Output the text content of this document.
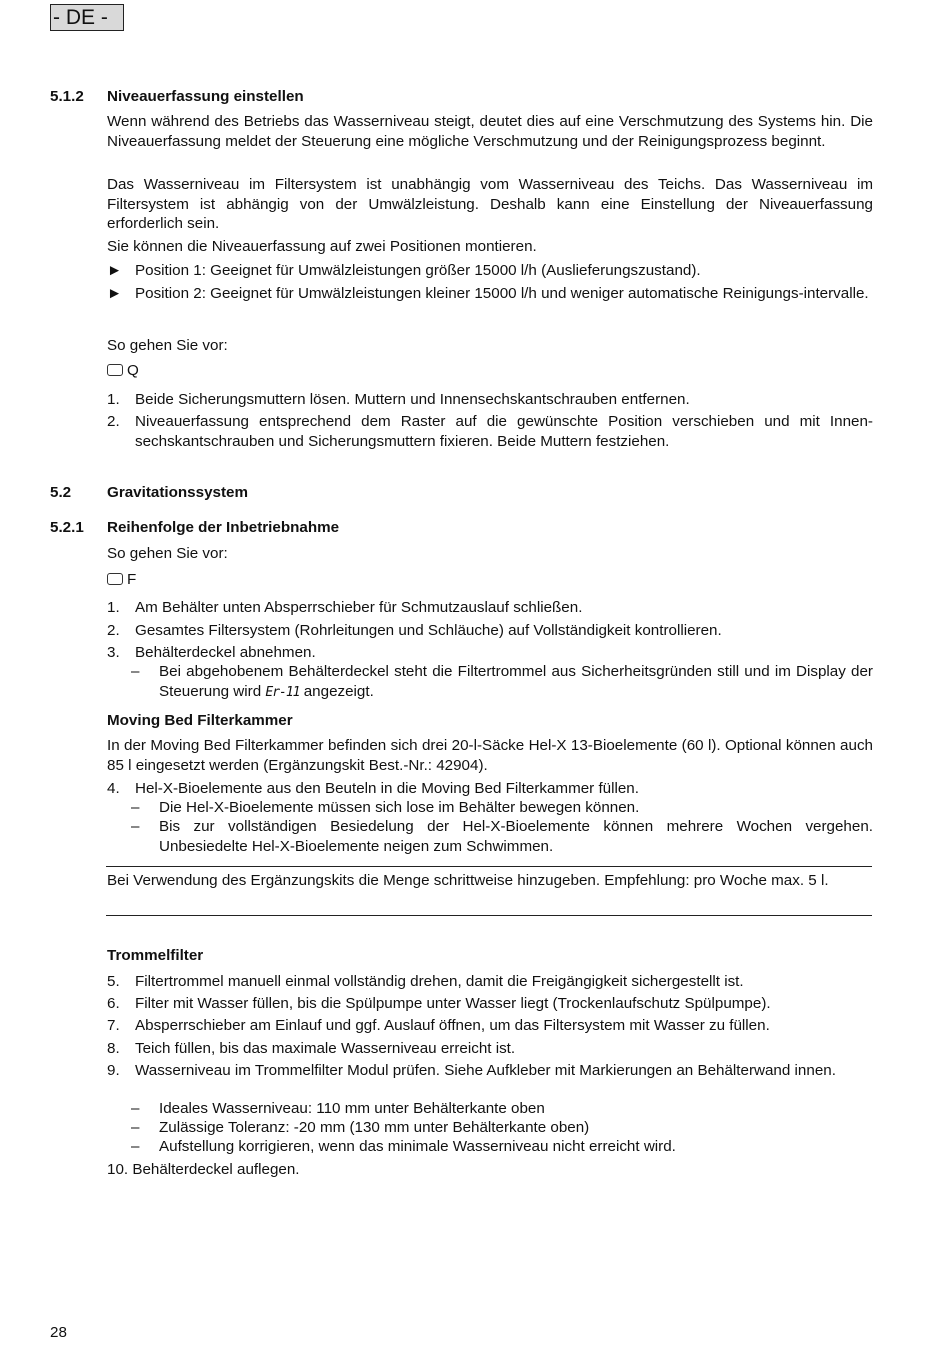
- DE -
5.1.2 Niveauerfassung einstellen
Wenn während des Betriebs das Wasserniveau steigt, deutet dies auf eine Verschmutzung des Systems hin. Die Niveauerfassung meldet der Steuerung eine mögliche Verschmutzung und der Reinigungsprozess beginnt.
Das Wasserniveau im Filtersystem ist unabhängig vom Wasserniveau des Teichs. Das Wasserniveau im Filtersystem ist abhängig von der Umwälzleistung. Deshalb kann eine Einstellung der Niveauerfassung erforderlich sein.
Sie können die Niveauerfassung auf zwei Positionen montieren.
► Position 1: Geeignet für Umwälzleistungen größer 15000 l/h (Auslieferungszustand).
► Position 2: Geeignet für Umwälzleistungen kleiner 15000 l/h und weniger automatische Reinigungs-intervalle.
So gehen Sie vor:
Q
1. Beide Sicherungsmuttern lösen. Muttern und Innensechskantschrauben entfernen.
2. Niveauerfassung entsprechend dem Raster auf die gewünschte Position verschieben und mit Innen-sechskantschrauben und Sicherungsmuttern fixieren. Beide Muttern festziehen.
5.2 Gravitationssystem
5.2.1 Reihenfolge der Inbetriebnahme
So gehen Sie vor:
F
1. Am Behälter unten Absperrschieber für Schmutzauslauf schließen.
2. Gesamtes Filtersystem (Rohrleitungen und Schläuche) auf Vollständigkeit kontrollieren.
3. Behälterdeckel abnehmen.
– Bei abgehobenem Behälterdeckel steht die Filtertrommel aus Sicherheitsgründen still und im Display der Steuerung wird Er-11 angezeigt.
Moving Bed Filterkammer
In der Moving Bed Filterkammer befinden sich drei 20-l-Säcke Hel-X 13-Bioelemente (60 l). Optional können auch 85 l eingesetzt werden (Ergänzungskit Best.-Nr.: 42904).
4. Hel-X-Bioelemente aus den Beuteln in die Moving Bed Filterkammer füllen.
– Die Hel-X-Bioelemente müssen sich lose im Behälter bewegen können.
– Bis zur vollständigen Besiedelung der Hel-X-Bioelemente können mehrere Wochen vergehen. Unbesiedelte Hel-X-Bioelemente neigen zum Schwimmen.
Bei Verwendung des Ergänzungskits die Menge schrittweise hinzugeben. Empfehlung: pro Woche max. 5 l.
Trommelfilter
5. Filtertrommel manuell einmal vollständig drehen, damit die Freigängigkeit sichergestellt ist.
6. Filter mit Wasser füllen, bis die Spülpumpe unter Wasser liegt (Trockenlaufschutz Spülpumpe).
7. Absperrschieber am Einlauf und ggf. Auslauf öffnen, um das Filtersystem mit Wasser zu füllen.
8. Teich füllen, bis das maximale Wasserniveau erreicht ist.
9. Wasserniveau im Trommelfilter Modul prüfen. Siehe Aufkleber mit Markierungen an Behälterwand innen.
– Ideales Wasserniveau: 110 mm unter Behälterkante oben
– Zulässige Toleranz: -20 mm (130 mm unter Behälterkante oben)
– Aufstellung korrigieren, wenn das minimale Wasserniveau nicht erreicht wird.
10. Behälterdeckel auflegen.
28
